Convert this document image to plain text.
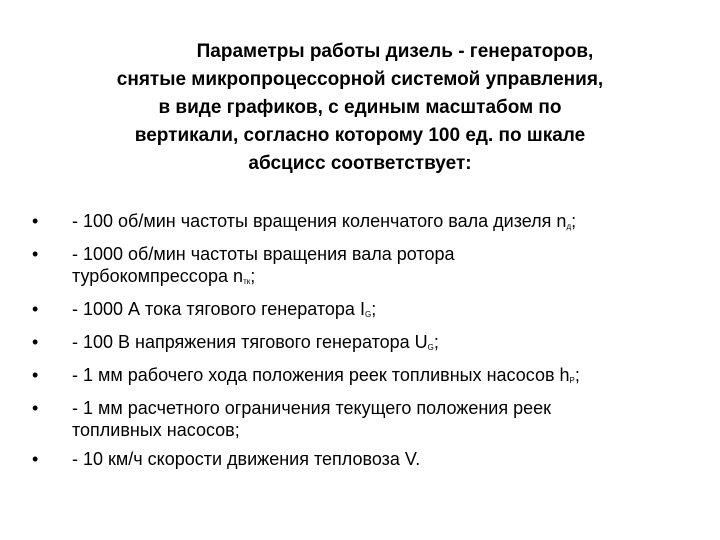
Параметры работы дизель - генераторов,
снятые микропроцессорной системой управления,
в виде графиков, с единым масштабом по
вертикали, согласно которому 100 ед. по шкале
абсцисс соответствует:
•	- 100 об/мин частоты вращения коленчатого вала дизеля $n_д$;
•	- 1000 об/мин частоты вращения вала ротора
турбокомпрессора $n_{тк}$;
•	- 1000 А тока тягового генератора $I_G$;
•	- 100 В напряжения тягового генератора $U_G$;
•	- 1 мм рабочего хода положения реек топливных насосов $h_P$;
•	- 1 мм расчетного ограничения текущего положения реек
топливных насосов;
•	- 10 км/ч скорости движения тепловоза V.
